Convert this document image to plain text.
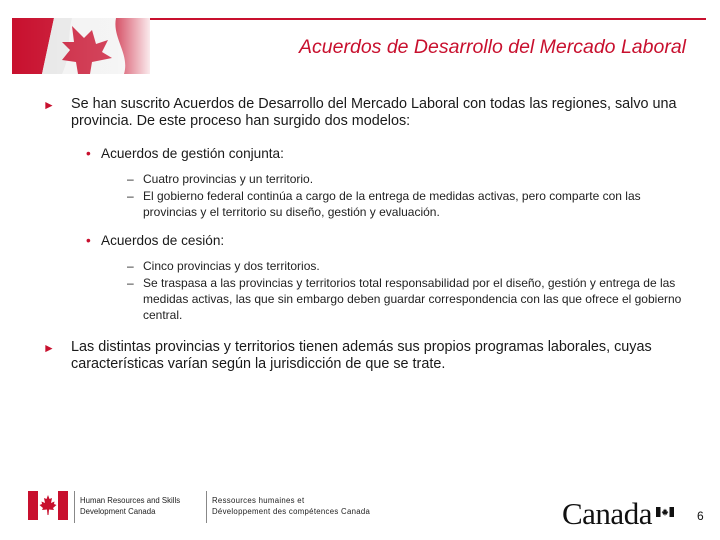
Acuerdos de Desarrollo del Mercado Laboral
► Se han suscrito Acuerdos de Desarrollo del Mercado Laboral con todas las regiones, salvo una provincia. De este proceso han surgido dos modelos:
• Acuerdos de gestión conjunta:
– Cuatro provincias y un territorio.
– El gobierno federal continúa a cargo de la entrega de medidas activas, pero comparte con las provincias y el territorio su diseño, gestión y evaluación.
• Acuerdos de cesión:
– Cinco provincias y dos territorios.
– Se traspasa a las provincias y territorios total responsabilidad por el diseño, gestión y entrega de las medidas activas, las que sin embargo deben guardar correspondencia con las que ofrece el gobierno central.
► Las distintas provincias y territorios tienen además sus propios programas laborales, cuyas características varían según la jurisdicción de que se trate.
Human Resources and Skills
Development Canada
Ressources humaines et
Développement des compétences Canada	Canada	6
